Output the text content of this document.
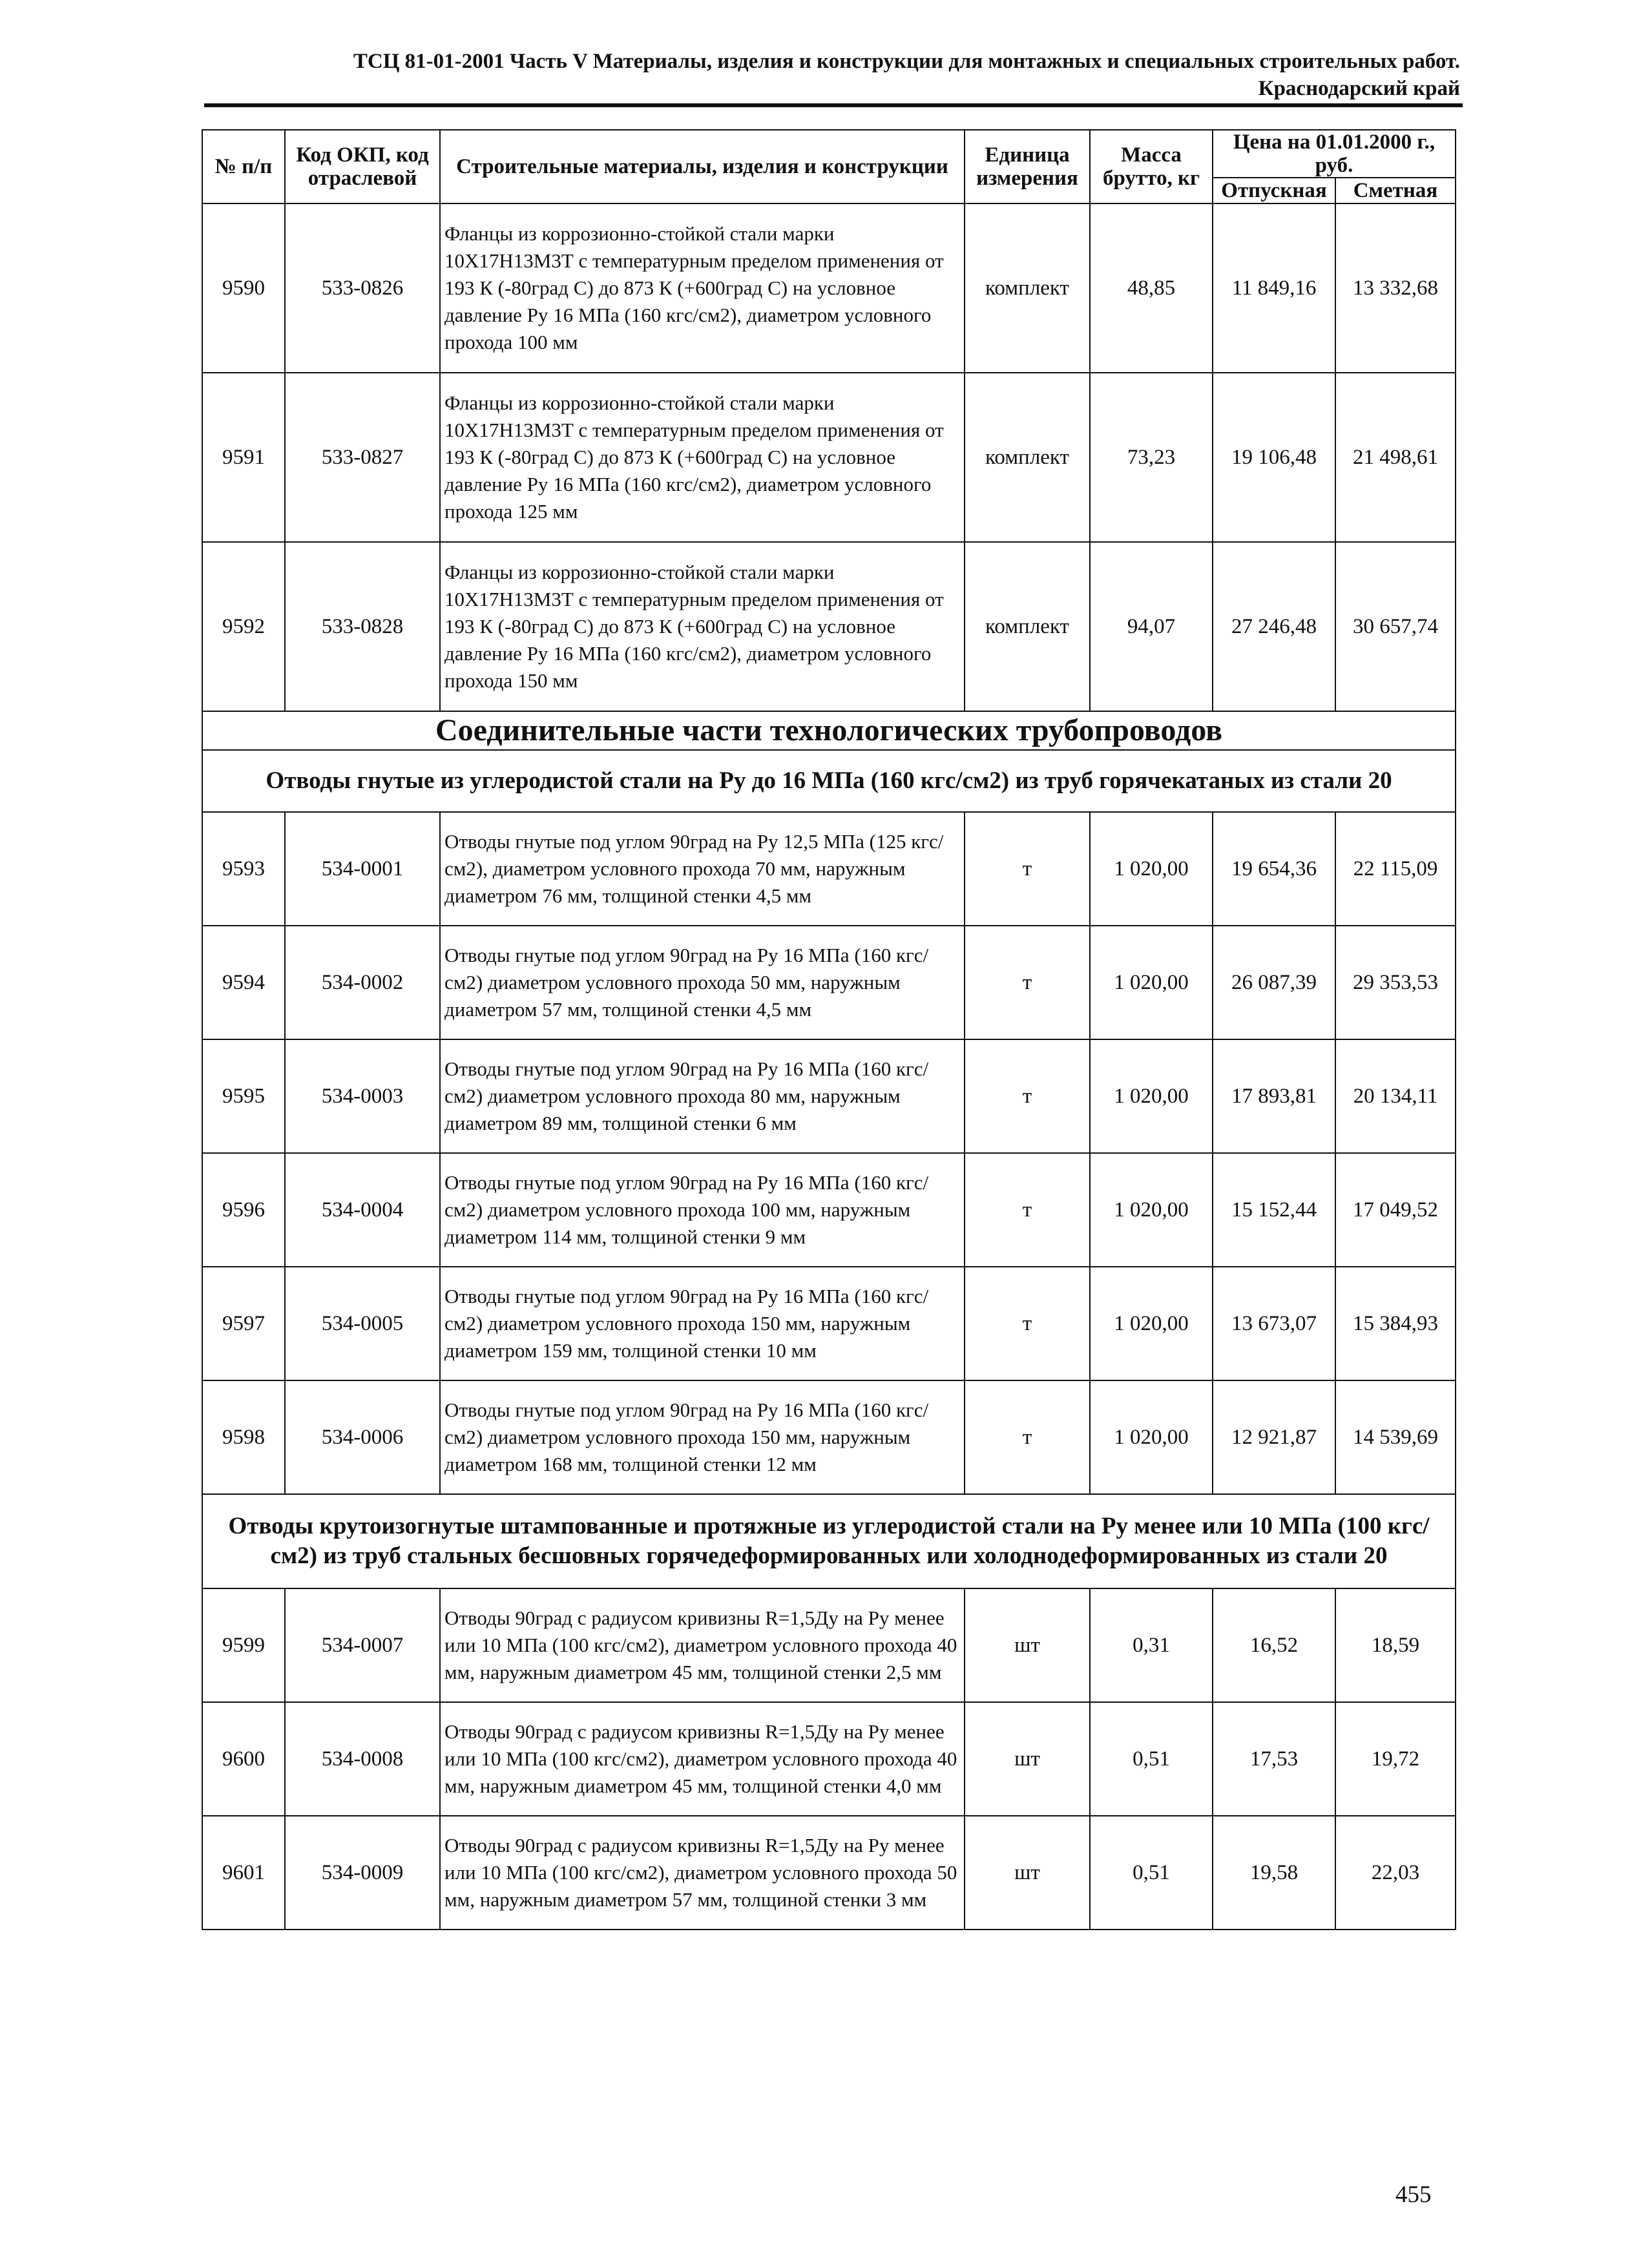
ТСЦ 81-01-2001 Часть V Материалы, изделия и конструкции для монтажных и специальных строительных работ.
Краснодарский край
№ п/п	Код ОКП, код отраслевой	Строительные материалы, изделия и конструкции	Единица измерения	Масса брутто, кг	Цена на 01.01.2000 г., руб.	
					Отпускная	Сметная
9590	533-0826	Фланцы из коррозионно-стойкой стали марки 10Х17Н13М3Т с температурным пределом применения от 193 К (-80град С) до 873 К (+600град С) на условное давление Ру 16 МПа (160 кгс/см2), диаметром условного прохода 100 мм	комплект	48,85	11 849,16	13 332,68
9591	533-0827	Фланцы из коррозионно-стойкой стали марки 10Х17Н13М3Т с температурным пределом применения от 193 К (-80град С) до 873 К (+600град С) на условное давление Ру 16 МПа (160 кгс/см2), диаметром условного прохода 125 мм	комплект	73,23	19 106,48	21 498,61
9592	533-0828	Фланцы из коррозионно-стойкой стали марки 10Х17Н13М3Т с температурным пределом применения от 193 К (-80град С) до 873 К (+600град С) на условное давление Ру 16 МПа (160 кгс/см2), диаметром условного прохода 150 мм	комплект	94,07	27 246,48	30 657,74
Соединительные части технологических трубопроводов						
Отводы гнутые из углеродистой стали на Ру до 16 МПа (160 кгс/см2) из труб горячекатаных из стали 20						
9593	534-0001	Отводы гнутые под углом 90град на Ру 12,5 МПа (125 кгс/см2), диаметром условного прохода 70 мм, наружным диаметром 76 мм, толщиной стенки 4,5 мм	т	1 020,00	19 654,36	22 115,09
9594	534-0002	Отводы гнутые под углом 90град на Ру 16 МПа (160 кгс/см2) диаметром условного прохода 50 мм, наружным диаметром 57 мм, толщиной стенки 4,5 мм	т	1 020,00	26 087,39	29 353,53
9595	534-0003	Отводы гнутые под углом 90град на Ру 16 МПа (160 кгс/см2) диаметром условного прохода 80 мм, наружным диаметром 89 мм, толщиной стенки 6 мм	т	1 020,00	17 893,81	20 134,11
9596	534-0004	Отводы гнутые под углом 90град на Ру 16 МПа (160 кгс/см2) диаметром условного прохода 100 мм, наружным диаметром 114 мм, толщиной стенки 9 мм	т	1 020,00	15 152,44	17 049,52
9597	534-0005	Отводы гнутые под углом 90град на Ру 16 МПа (160 кгс/см2) диаметром условного прохода 150 мм, наружным диаметром 159 мм, толщиной стенки 10 мм	т	1 020,00	13 673,07	15 384,93
9598	534-0006	Отводы гнутые под углом 90град на Ру 16 МПа (160 кгс/см2) диаметром условного прохода 150 мм, наружным диаметром 168 мм, толщиной стенки 12 мм	т	1 020,00	12 921,87	14 539,69
Отводы крутоизогнутые штампованные и протяжные из углеродистой стали на Ру менее или 10 МПа (100 кгс/см2) из труб стальных бесшовных горячедеформированных или холоднодеформированных из стали 20						
9599	534-0007	Отводы 90град с радиусом кривизны R=1,5Ду на Ру менее или 10 МПа (100 кгс/см2), диаметром условного прохода 40 мм, наружным диаметром 45 мм, толщиной стенки 2,5 мм	шт	0,31	16,52	18,59
9600	534-0008	Отводы 90град с радиусом кривизны R=1,5Ду на Ру менее или 10 МПа (100 кгс/см2), диаметром условного прохода 40 мм, наружным диаметром 45 мм, толщиной стенки 4,0 мм	шт	0,51	17,53	19,72
9601	534-0009	Отводы 90град с радиусом кривизны R=1,5Ду на Ру менее или 10 МПа (100 кгс/см2), диаметром условного прохода 50 мм, наружным диаметром 57 мм, толщиной стенки 3 мм	шт	0,51	19,58	22,03
455
